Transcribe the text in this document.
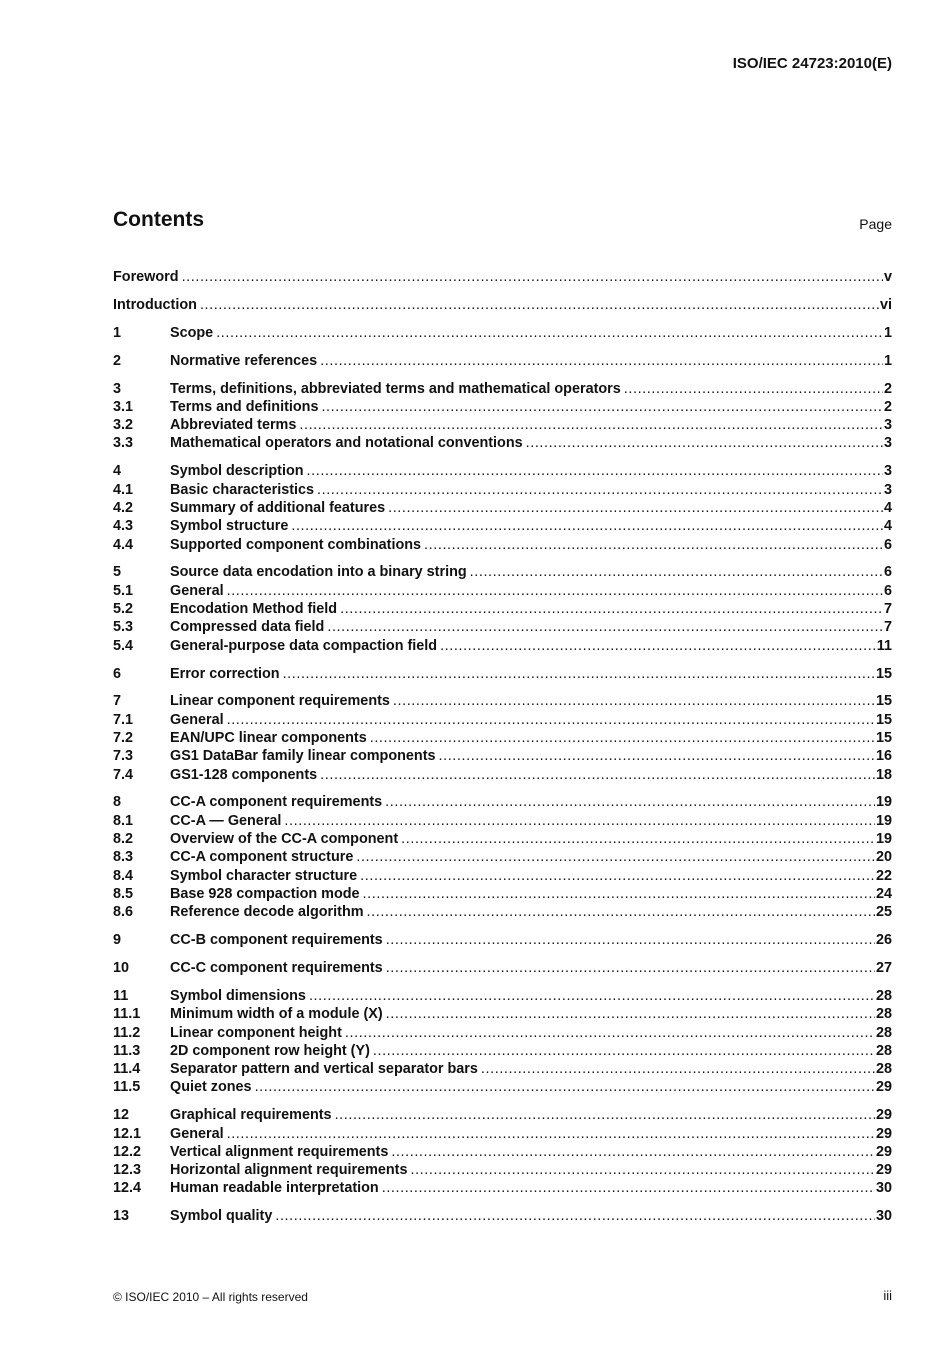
ISO/IEC 24723:2010(E)
Contents	Page
Foreword .....	v
Introduction .....	vi
1	Scope .....	1
2	Normative references .....	1
3	Terms, definitions, abbreviated terms and mathematical operators .....	2
3.1	Terms and definitions .....	2
3.2	Abbreviated terms .....	3
3.3	Mathematical operators and notational conventions .....	3
4	Symbol description .....	3
4.1	Basic characteristics .....	3
4.2	Summary of additional features .....	4
4.3	Symbol structure .....	4
4.4	Supported component combinations .....	6
5	Source data encodation into a binary string .....	6
5.1	General .....	6
5.2	Encodation Method field .....	7
5.3	Compressed data field .....	7
5.4	General-purpose data compaction field .....	11
6	Error correction .....	15
7	Linear component requirements .....	15
7.1	General .....	15
7.2	EAN/UPC linear components .....	15
7.3	GS1 DataBar family linear components .....	16
7.4	GS1-128 components .....	18
8	CC-A component requirements .....	19
8.1	CC-A — General .....	19
8.2	Overview of the CC-A component .....	19
8.3	CC-A component structure .....	20
8.4	Symbol character structure .....	22
8.5	Base 928 compaction mode .....	24
8.6	Reference decode algorithm .....	25
9	CC-B component requirements .....	26
10	CC-C component requirements .....	27
11	Symbol dimensions .....	28
11.1	Minimum width of a module (X) .....	28
11.2	Linear component height .....	28
11.3	2D component row height (Y) .....	28
11.4	Separator pattern and vertical separator bars .....	28
11.5	Quiet zones .....	29
12	Graphical requirements .....	29
12.1	General .....	29
12.2	Vertical alignment requirements .....	29
12.3	Horizontal alignment requirements .....	29
12.4	Human readable interpretation .....	30
13	Symbol quality .....	30
© ISO/IEC 2010 – All rights reserved	iii
